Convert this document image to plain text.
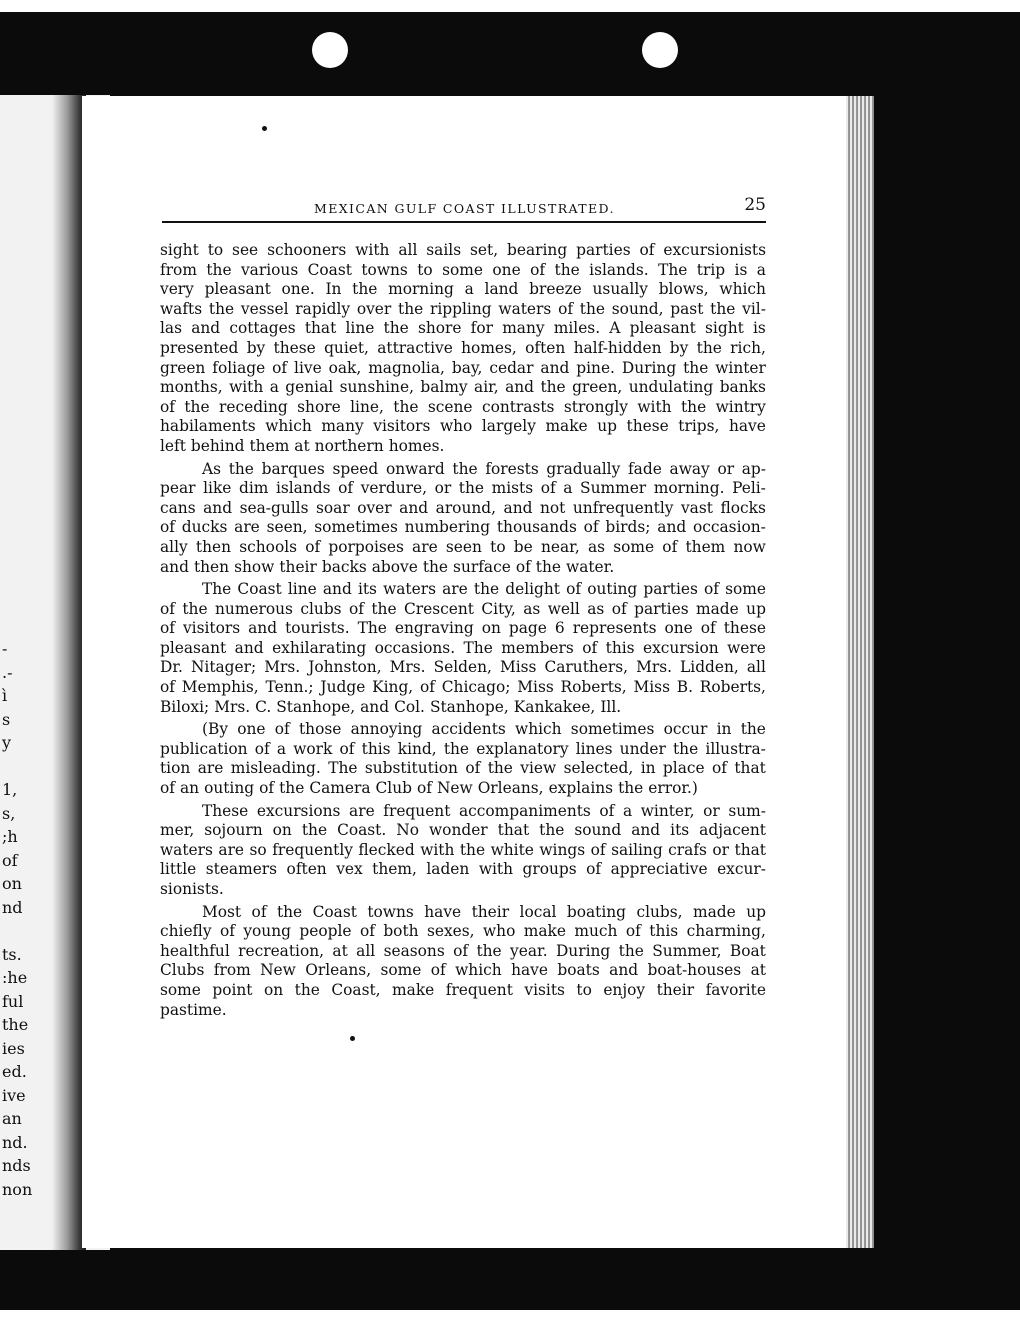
-
.-
ì
s
y
1,
s,
;h
of
on
nd
ts.
:he
ful
the
ies
ed.
ive
an
nd.
nds
non
MEXICAN GULF COAST ILLUSTRATED.	25
sight to see schooners with all sails set, bearing parties of excursionists
from the various Coast towns to some one of the islands. The trip is a
very pleasant one. In the morning a land breeze usually blows, which
wafts the vessel rapidly over the rippling waters of the sound, past the vil-
las and cottages that line the shore for many miles. A pleasant sight is
presented by these quiet, attractive homes, often half-hidden by the rich,
green foliage of live oak, magnolia, bay, cedar and pine. During the winter
months, with a genial sunshine, balmy air, and the green, undulating banks
of the receding shore line, the scene contrasts strongly with the wintry
habilaments which many visitors who largely make up these trips, have
left behind them at northern homes.
As the barques speed onward the forests gradually fade away or ap-
pear like dim islands of verdure, or the mists of a Summer morning. Peli-
cans and sea-gulls soar over and around, and not unfrequently vast flocks
of ducks are seen, sometimes numbering thousands of birds; and occasion-
ally then schools of porpoises are seen to be near, as some of them now
and then show their backs above the surface of the water.
The Coast line and its waters are the delight of outing parties of some
of the numerous clubs of the Crescent City, as well as of parties made up
of visitors and tourists. The engraving on page 6 represents one of these
pleasant and exhilarating occasions. The members of this excursion were
Dr. Nitager; Mrs. Johnston, Mrs. Selden, Miss Caruthers, Mrs. Lidden, all
of Memphis, Tenn.; Judge King, of Chicago; Miss Roberts, Miss B. Roberts,
Biloxi; Mrs. C. Stanhope, and Col. Stanhope, Kankakee, Ill.
(By one of those annoying accidents which sometimes occur in the
publication of a work of this kind, the explanatory lines under the illustra-
tion are misleading. The substitution of the view selected, in place of that
of an outing of the Camera Club of New Orleans, explains the error.)
These excursions are frequent accompaniments of a winter, or sum-
mer, sojourn on the Coast. No wonder that the sound and its adjacent
waters are so frequently flecked with the white wings of sailing crafs or that
little steamers often vex them, laden with groups of appreciative excur-
sionists.
Most of the Coast towns have their local boating clubs, made up
chiefly of young people of both sexes, who make much of this charming,
healthful recreation, at all seasons of the year. During the Summer, Boat
Clubs from New Orleans, some of which have boats and boat-houses at
some point on the Coast, make frequent visits to enjoy their favorite
pastime.
